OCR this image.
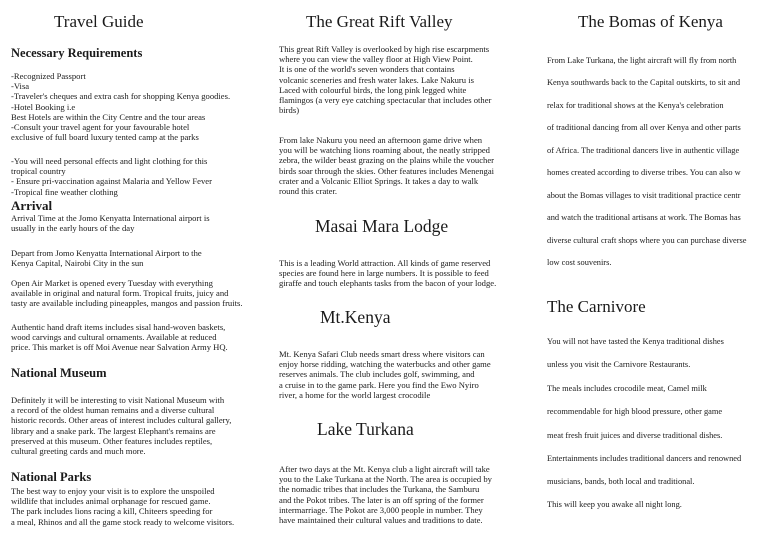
Travel Guide
Necessary Requirements
-Recognized Passport
-Visa
-Traveler's cheques and extra cash for shopping Kenya goodies.
-Hotel Booking i.e
Best Hotels are within the City Centre and the tour areas
-Consult your travel agent for your favourable hotel
exclusive of full board luxury tented camp at the parks
-You will need personal effects and light clothing for this
tropical country
- Ensure pri-vaccination against Malaria and Yellow Fever
-Tropical fine weather clothing
Arrival
Arrival Time at the Jomo Kenyatta International airport is
usually in the early hours of the day
Depart from Jomo Kenyatta International Airport to the
Kenya Capital, Nairobi City in the sun
Open Air Market is opened every Tuesday with everything
available in original and natural form. Tropical fruits, juicy and
tasty are available including pineapples, mangos and passion fruits.
Authentic hand draft items includes sisal hand-woven baskets,
wood carvings and cultural ornaments. Available at reduced
price. This market is off Moi Avenue near Salvation Army HQ.
National Museum
Definitely it will be interesting to visit National Museum with
a record of the oldest human remains and a diverse cultural
historic records. Other areas of interest includes cultural gallery,
library and a snake park. The largest Elephant's remains are
preserved at this museum. Other features includes reptiles,
cultural greeting cards and much more.
National Parks
The best way to enjoy your visit is to explore the unspoiled
wildlife that includes animal orphanage for rescued game.
The park includes lions racing a kill, Chiteers speeding for
a meal, Rhinos and all the game stock ready to welcome visitors.
The Great Rift Valley
This great Rift Valley is overlooked by high rise escarpments
where you can view the valley floor at High View Point.
It is one of the world's seven wonders that contains
volcanic sceneries and fresh water lakes. Lake Nakuru is
Laced with colourful birds, the long pink legged white
flamingos (a very eye catching spectacular that includes other
birds)
From lake Nakuru you need an afternoon game drive when
you will be watching lions roaming about, the neatly stripped
zebra, the wilder beast grazing on the plains while the voucher
birds soar through the skies. Other features includes Menengai
crater and a Volcanic Elliot Springs. It takes a day to walk
round this crater.
Masai Mara Lodge
This is a leading World attraction. All kinds of game reserved
species are found here in large numbers. It is possible to feed
giraffe and touch elephants tasks from the bacon of your lodge.
Mt.Kenya
Mt. Kenya Safari Club needs smart dress where visitors can
enjoy horse ridding, watching the waterbucks and other game
reserves animals. The club includes golf, swimming, and
a cruise in to the game park. Here you find the Ewo Nyiro
river, a home for the world largest crocodile
Lake Turkana
After two days at the Mt. Kenya club a light aircraft will take
you to the Lake Turkana at the North. The area is occupied by
the nomadic tribes that includes the Turkana, the Samburu
and the Pokot tribes. The later is an off spring of the former
intermarriage. The Pokot are 3,000 people in number. They
have maintained their cultural values and traditions to date.
The Bomas of Kenya
From Lake Turkana, the light aircraft will fly from north
Kenya southwards back to the Capital outskirts, to sit and
relax for traditional shows at the Kenya's celebration
of traditional dancing from all over Kenya and other parts
of Africa. The traditional dancers live in authentic village
homes created according to diverse tribes. You can also w
about the Bomas villages to visit traditional practice centr
and watch the traditional artisans at work. The Bomas has
diverse cultural craft shops where you can purchase diverse
low cost souvenirs.
The Carnivore
You will not have tasted the Kenya traditional dishes
unless you visit the Carnivore Restaurants.
The meals includes crocodile meat, Camel milk
recommendable for high blood pressure, other game
meat fresh fruit juices and diverse traditional dishes.
Entertainments includes traditional dancers and renowned
musicians, bands, both local and traditional.
This will keep you awake all night long.
